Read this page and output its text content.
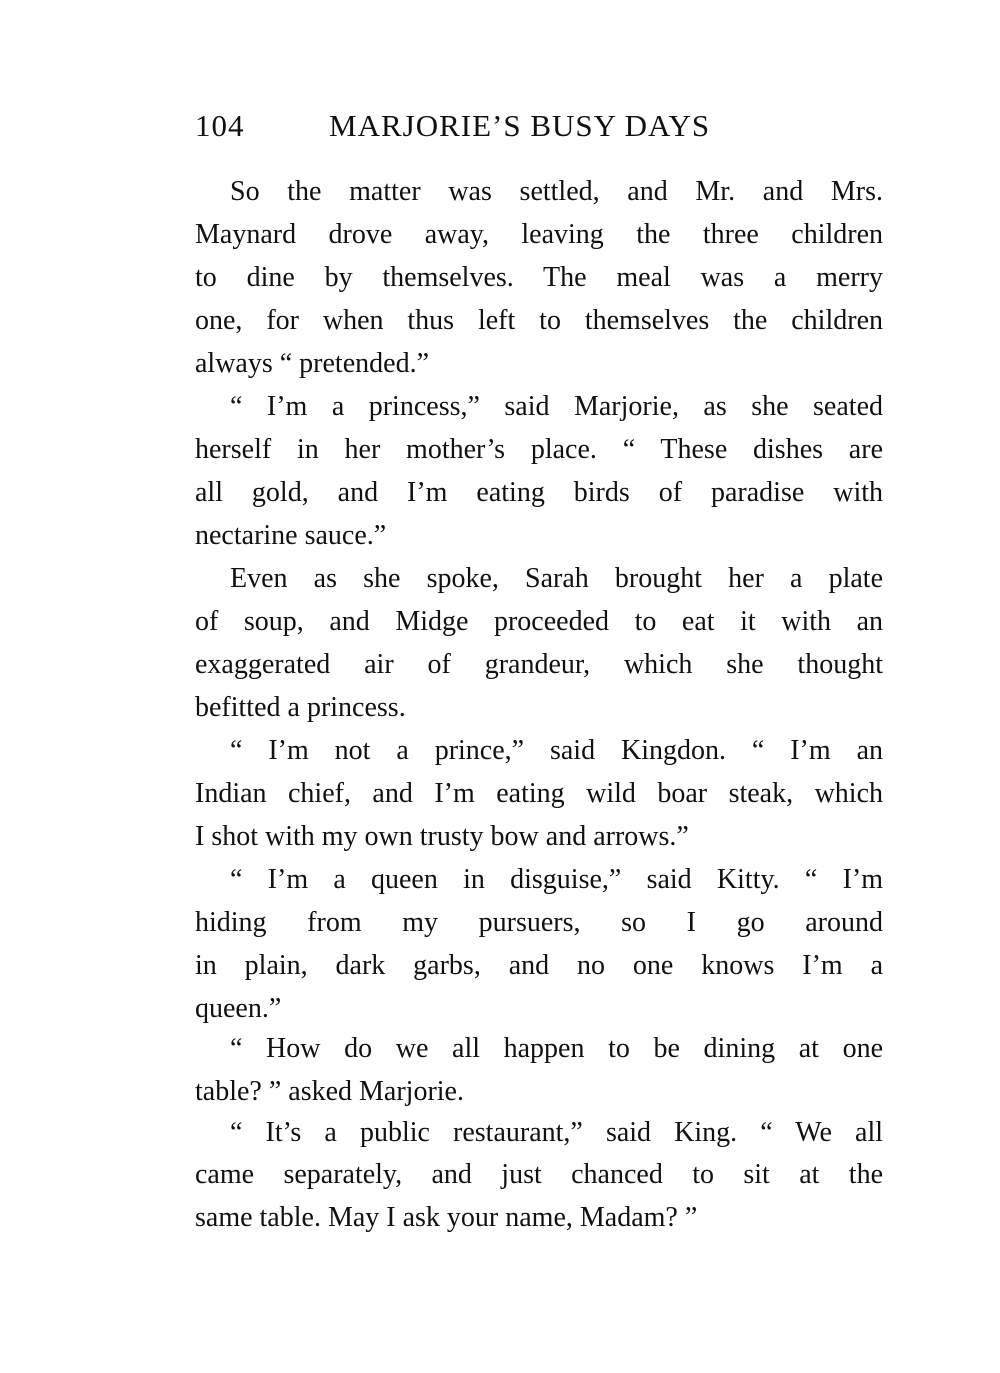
104	MARJORIE’S BUSY DAYS
So the matter was settled, and Mr. and Mrs.
Maynard drove away, leaving the three children
to dine by themselves. The meal was a merry
one, for when thus left to themselves the children
always “ pretended.”
“ I’m a princess,” said Marjorie, as she seated
herself in her mother’s place. “ These dishes are
all gold, and I’m eating birds of paradise with
nectarine sauce.”
Even as she spoke, Sarah brought her a plate
of soup, and Midge proceeded to eat it with an
exaggerated air of grandeur, which she thought
befitted a princess.
“ I’m not a prince,” said Kingdon. “ I’m an
Indian chief, and I’m eating wild boar steak, which
I shot with my own trusty bow and arrows.”
“ I’m a queen in disguise,” said Kitty. “ I’m
hiding from my pursuers, so I go around
in plain, dark garbs, and no one knows I’m a
queen.”
“ How do we all happen to be dining at one
table? ” asked Marjorie.
“ It’s a public restaurant,” said King. “ We all
came separately, and just chanced to sit at the
same table. May I ask your name, Madam? ”
